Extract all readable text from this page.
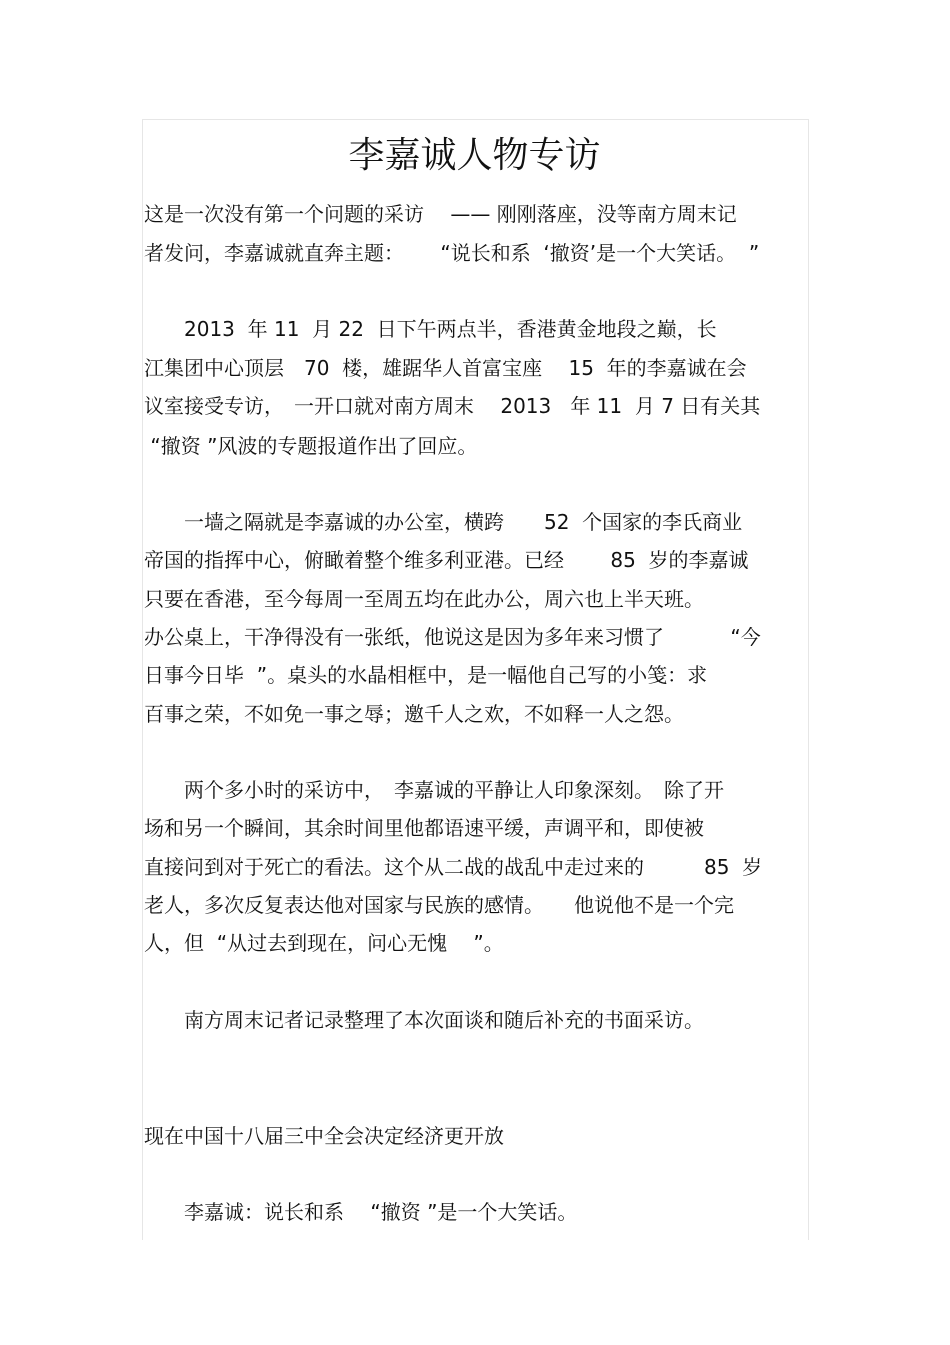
李嘉诚人物专访

这是一次没有第一个问题的采访　 —— 刚刚落座，没等南方周末记

者发问，李嘉诚就直奔主题：　　 “说长和系  ‘撤资’是一个大笑话。  ”

　　2013  年 11  月 22  日下午两点半，香港黄金地段之巅，长

江集团中心顶层　70  楼，雄踞华人首富宝座　 15  年的李嘉诚在会

议室接受专访，　一开口就对南方周末　 2013   年 11  月 7 日有关其

“撤资 ”风波的专题报道作出了回应。

　　一墙之隔就是李嘉诚的办公室，横跨　　52  个国家的李氏商业

帝国的指挥中心，俯瞰着整个维多利亚港。已经　　 85  岁的李嘉诚

只要在香港，至今每周一至周五均在此办公，周六也上半天班。

办公桌上，干净得没有一张纸，他说这是因为多年来习惯了　　　 “今

日事今日毕  ”。桌头的水晶相框中，是一幅他自己写的小笺：求

百事之荣，不如免一事之辱；邀千人之欢，不如释一人之怨。

　　两个多小时的采访中，　李嘉诚的平静让人印象深刻。　除了开

场和另一个瞬间，其余时间里他都语速平缓，声调平和，即使被

直接问到对于死亡的看法。这个从二战的战乱中走过来的　　　85  岁

老人，多次反复表达他对国家与民族的感情。　　他说他不是一个完

人，但  “从过去到现在，问心无愧　 ”。

　　南方周末记者记录整理了本次面谈和随后补充的书面采访。

现在中国十八届三中全会决定经济更开放

　　李嘉诚：说长和系　 “撤资 ”是一个大笑话。
